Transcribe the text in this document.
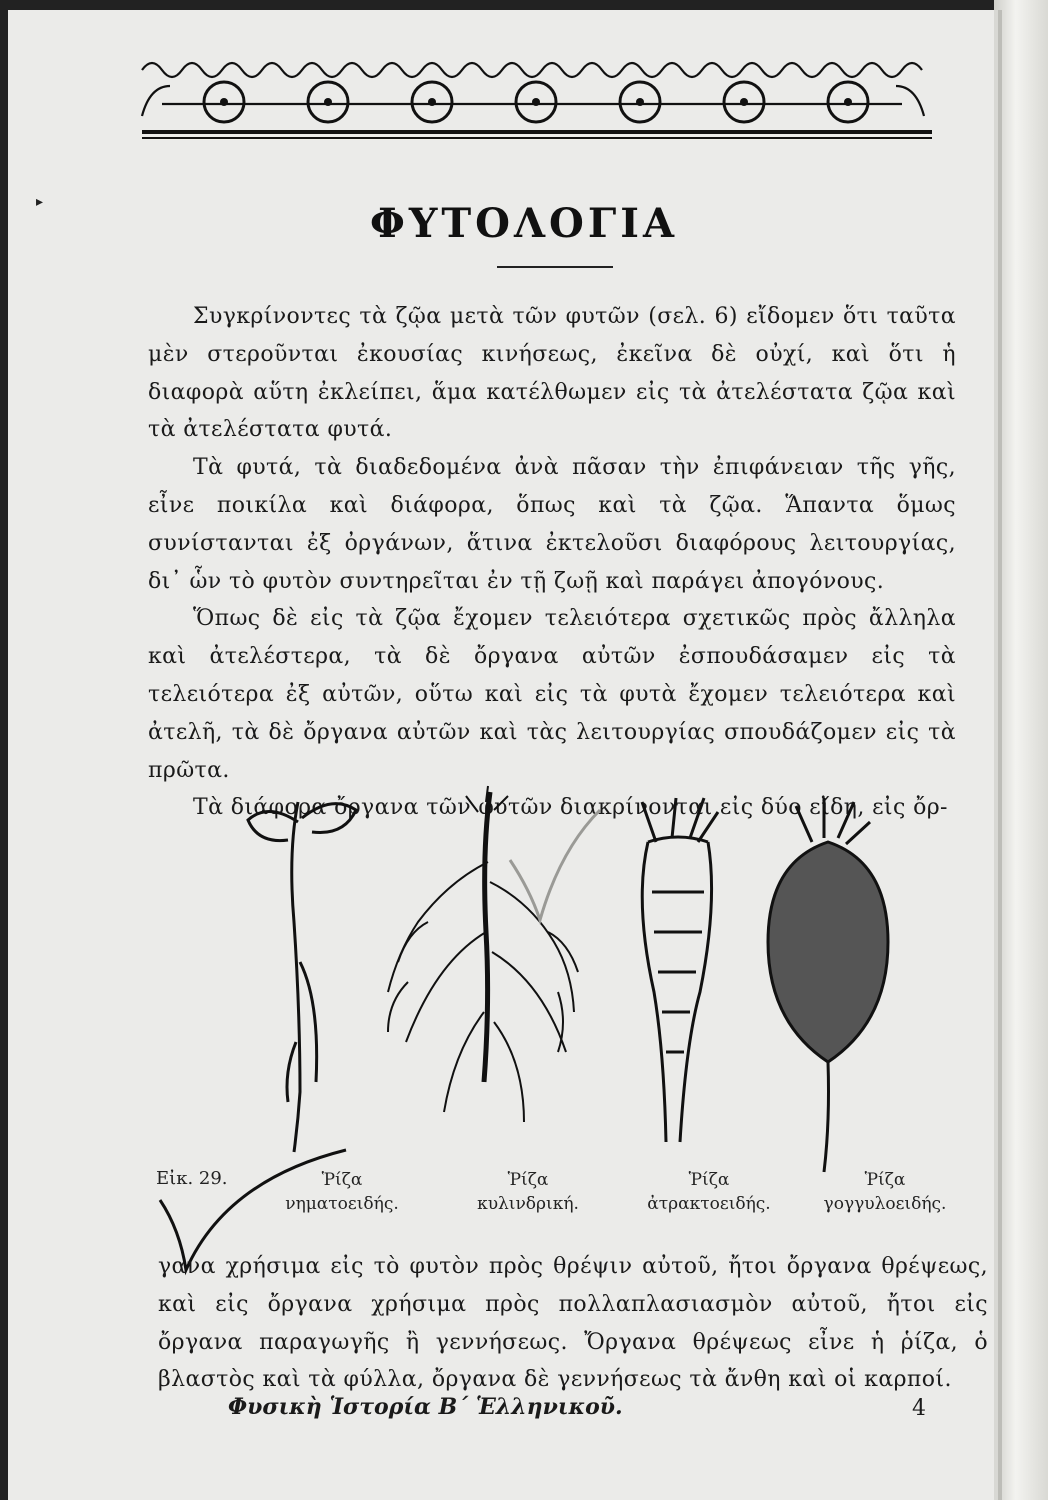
▸	ΦΥΤΟΛΟΓΙΑ

Συγκρίνοντες τὰ ζῷα μετὰ τῶν φυτῶν (σελ. 6) εἴδομεν ὅτι ταῦτα μὲν στεροῦνται ἐκουσίας κινήσεως, ἐκεῖνα δὲ οὐχί, καὶ ὅτι ἡ διαφορὰ αὕτη ἐκλείπει, ἅμα κατέλθωμεν εἰς τὰ ἀτελέστατα ζῷα καὶ τὰ ἀτελέστατα φυτά.

Τὰ φυτά, τὰ διαδεδομένα ἀνὰ πᾶσαν τὴν ἐπιφάνειαν τῆς γῆς, εἶνε ποικίλα καὶ διάφορα, ὅπως καὶ τὰ ζῷα. Ἅπαντα ὅμως συνίστανται ἐξ ὀργάνων, ἅτινα ἐκτελοῦσι διαφόρους λειτουργίας, δι᾽ ὧν τὸ φυτὸν συντηρεῖται ἐν τῇ ζωῇ καὶ παράγει ἀπογόνους.

Ὅπως δὲ εἰς τὰ ζῷα ἔχομεν τελειότερα σχετικῶς πρὸς ἄλληλα καὶ ἀτελέστερα, τὰ δὲ ὄργανα αὐτῶν ἐσπουδάσαμεν εἰς τὰ τελειότερα ἐξ αὐτῶν, οὕτω καὶ εἰς τὰ φυτὰ ἔχομεν τελειότερα καὶ ἀτελῆ, τὰ δὲ ὄργανα αὐτῶν καὶ τὰς λειτουργίας σπουδάζομεν εἰς τὰ πρῶτα.

Τὰ διάφορα ὄργανα τῶν φυτῶν διακρίνονται εἰς δύο εἴδη, εἰς ὄρ-

Εἰκ. 29.	Ῥίζα
νηματοειδής.
Ῥίζα
κυλινδρική.
Ῥίζα
ἀτρακτοειδής.
Ῥίζα
γογγυλοειδής.

γανα χρήσιμα εἰς τὸ φυτὸν πρὸς θρέψιν αὐτοῦ, ἤτοι ὄργανα θρέψεως, καὶ εἰς ὄργανα χρήσιμα πρὸς πολλαπλασιασμὸν αὐτοῦ, ἤτοι εἰς ὄργανα παραγωγῆς ἢ γεννήσεως. Ὄργανα θρέψεως εἶνε ἡ ῥίζα, ὁ βλαστὸς καὶ τὰ φύλλα, ὄργανα δὲ γεννήσεως τὰ ἄνθη καὶ οἱ καρποί.

Φυσικὴ Ἱστορία Β´ Ἑλληνικοῦ.	4
